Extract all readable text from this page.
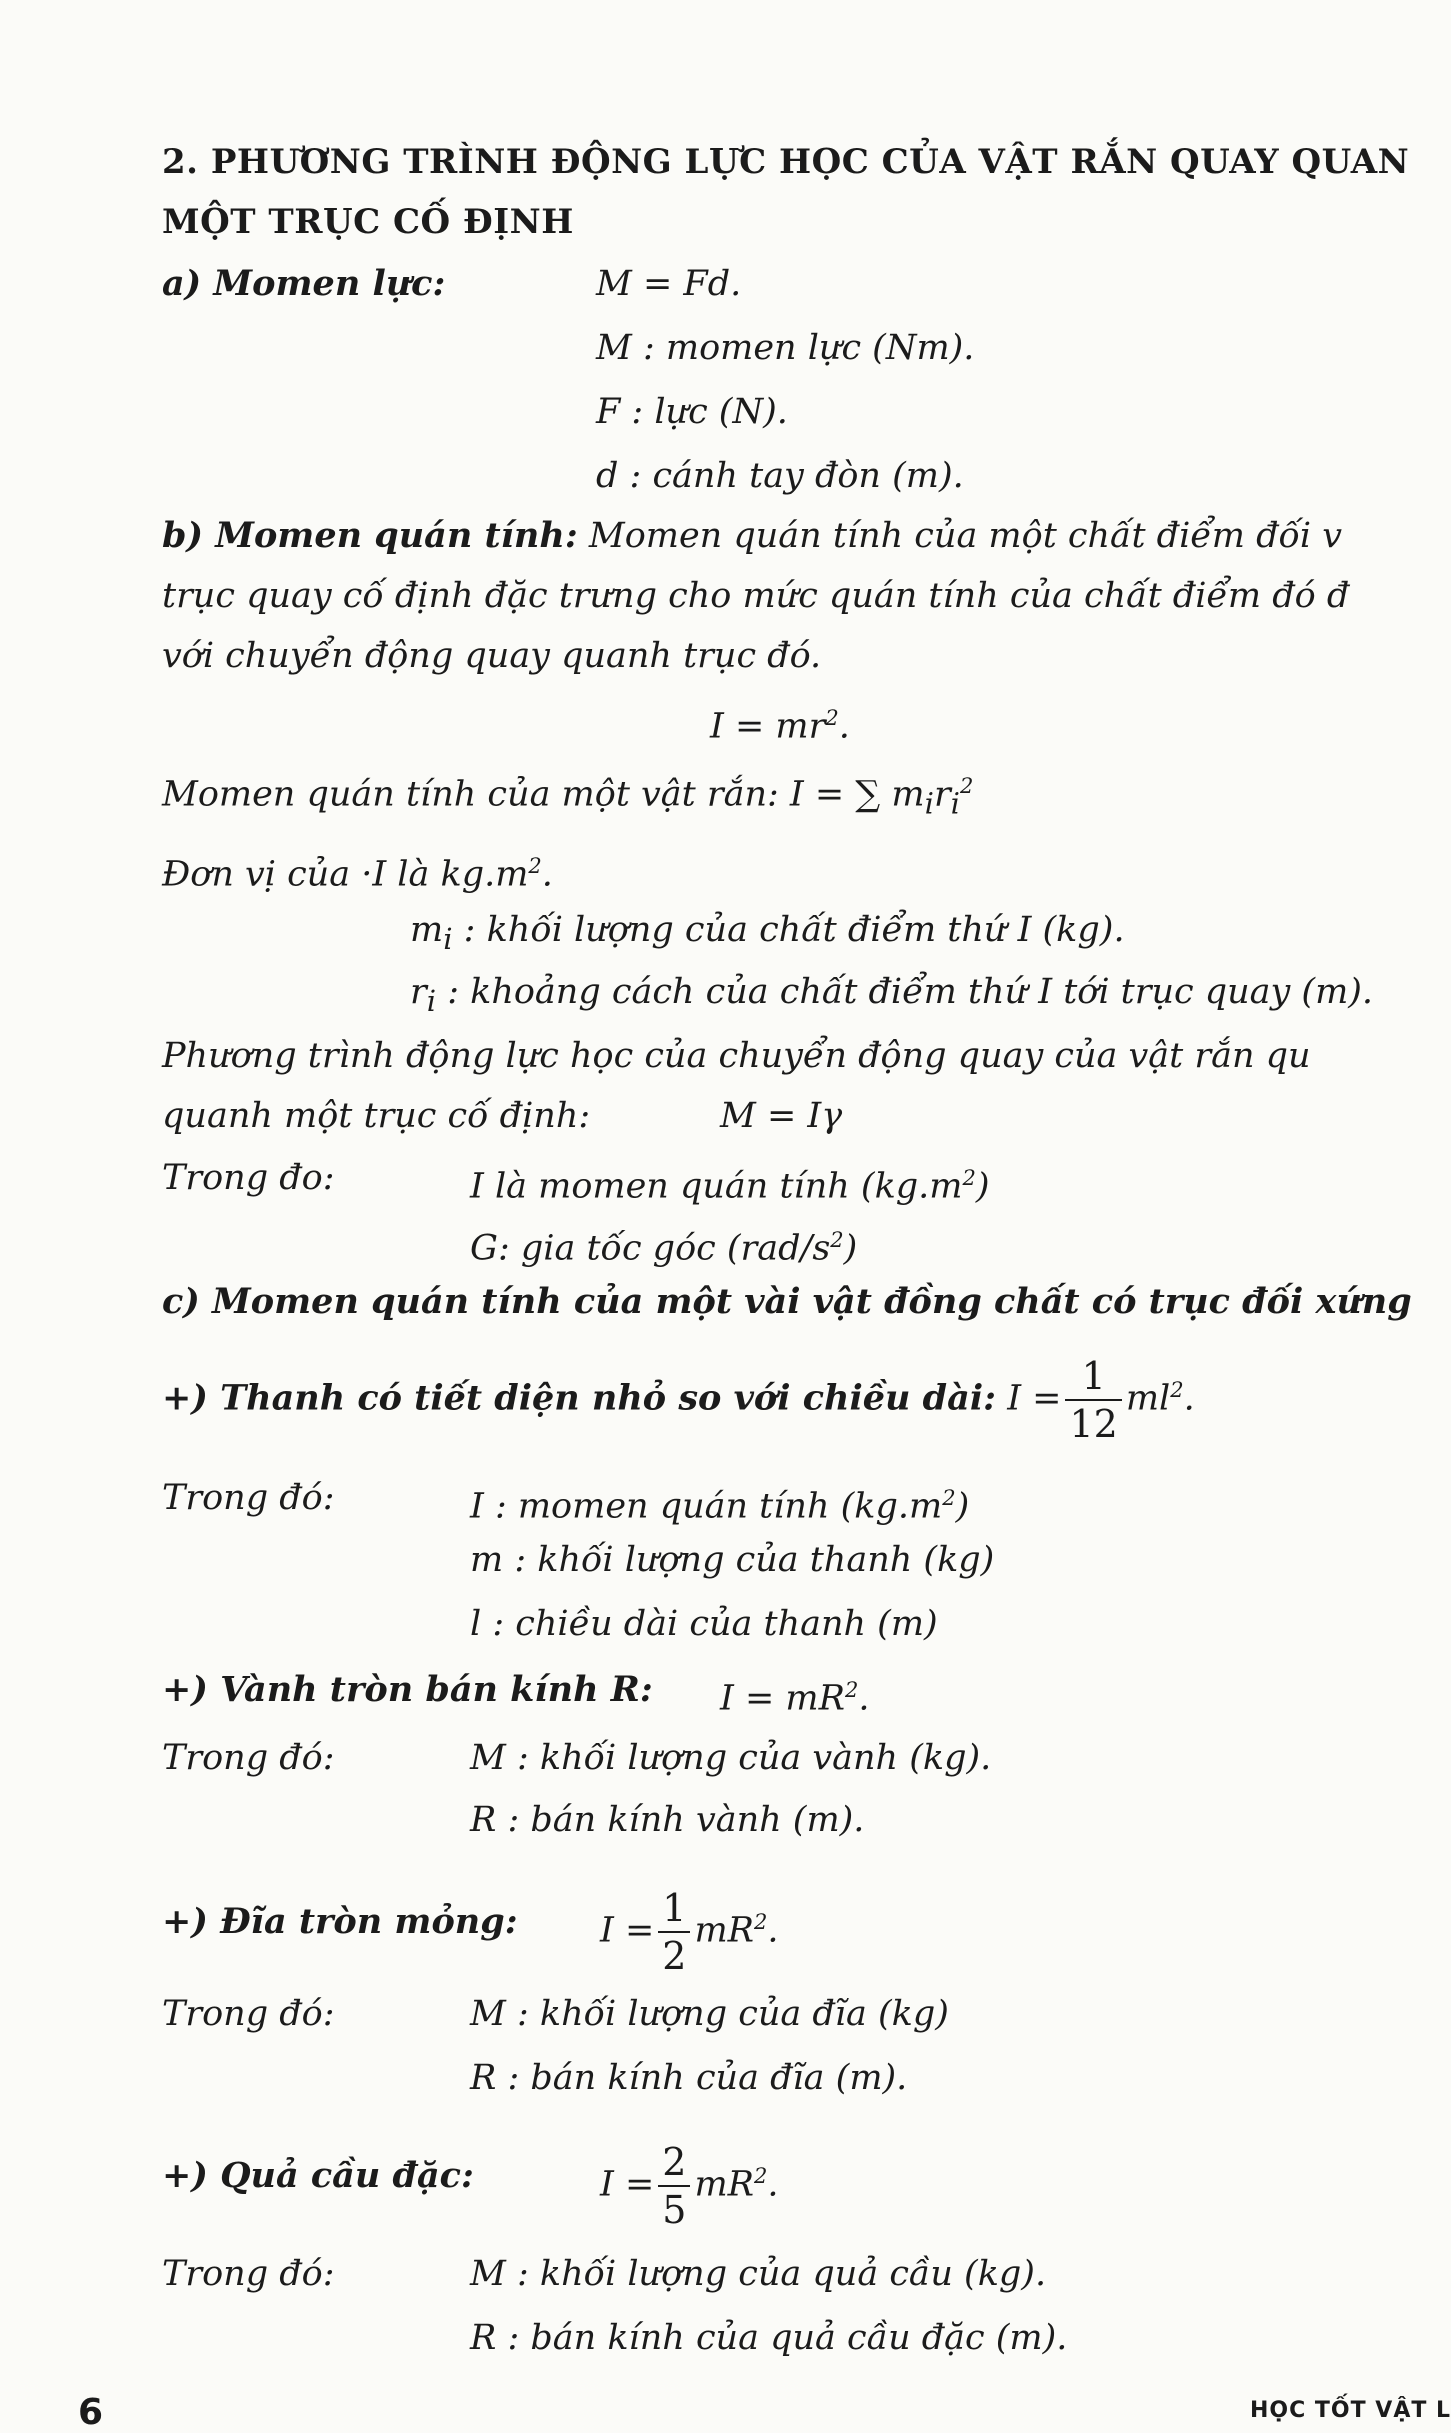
2. PHƯƠNG TRÌNH ĐỘNG LỰC HỌC CỦA VẬT RẮN QUAY QUAN
MỘT TRỤC CỐ ĐỊNH
a) Momen lực:	M = Fd.
M : momen lực (Nm).
F : lực (N).
d : cánh tay đòn (m).
b) Momen quán tính: Momen quán tính của một chất điểm đối v
trục quay cố định đặc trưng cho mức quán tính của chất điểm đó đ
với chuyển động quay quanh trục đó.
$I = mr^2$.
Momen quán tính của một vật rắn: I = ∑ $m_ir_i^2$
Đơn vị của ·I là $kg.m^2$.
$m_i$ : khối lượng của chất điểm thứ I (kg).
$r_i$ : khoảng cách của chất điểm thứ I tới trục quay (m).
Phương trình động lực học của chuyển động quay của vật rắn qu
quanh một trục cố định:	M = Iγ
Trong đo:	I là momen quán tính $(kg.m^2)$
G: gia tốc góc $(rad/s^2)$
c) Momen quán tính của một vài vật đồng chất có trục đối xứng
+) Thanh có tiết diện nhỏ so với chiều dài: $I = \frac{1}{12} ml^2$.
Trong đó:	I : momen quán tính $(kg.m^2)$
m : khối lượng của thanh (kg)
l : chiều dài của thanh (m)
+) Vành tròn bán kính R: $I = mR^2$.
Trong đó:	M : khối lượng của vành (kg).
R : bán kính vành (m).
+) Đĩa tròn mỏng: $I = \frac{1}{2} mR^2$.
Trong đó:	M : khối lượng của đĩa (kg)
R : bán kính của đĩa (m).
+) Quả cầu đặc:	$I = \frac{2}{5} mR^2$.
Trong đó:	M : khối lượng của quả cầu (kg).
R : bán kính của quả cầu đặc (m).
6	HỌC TỐT VẬT L
